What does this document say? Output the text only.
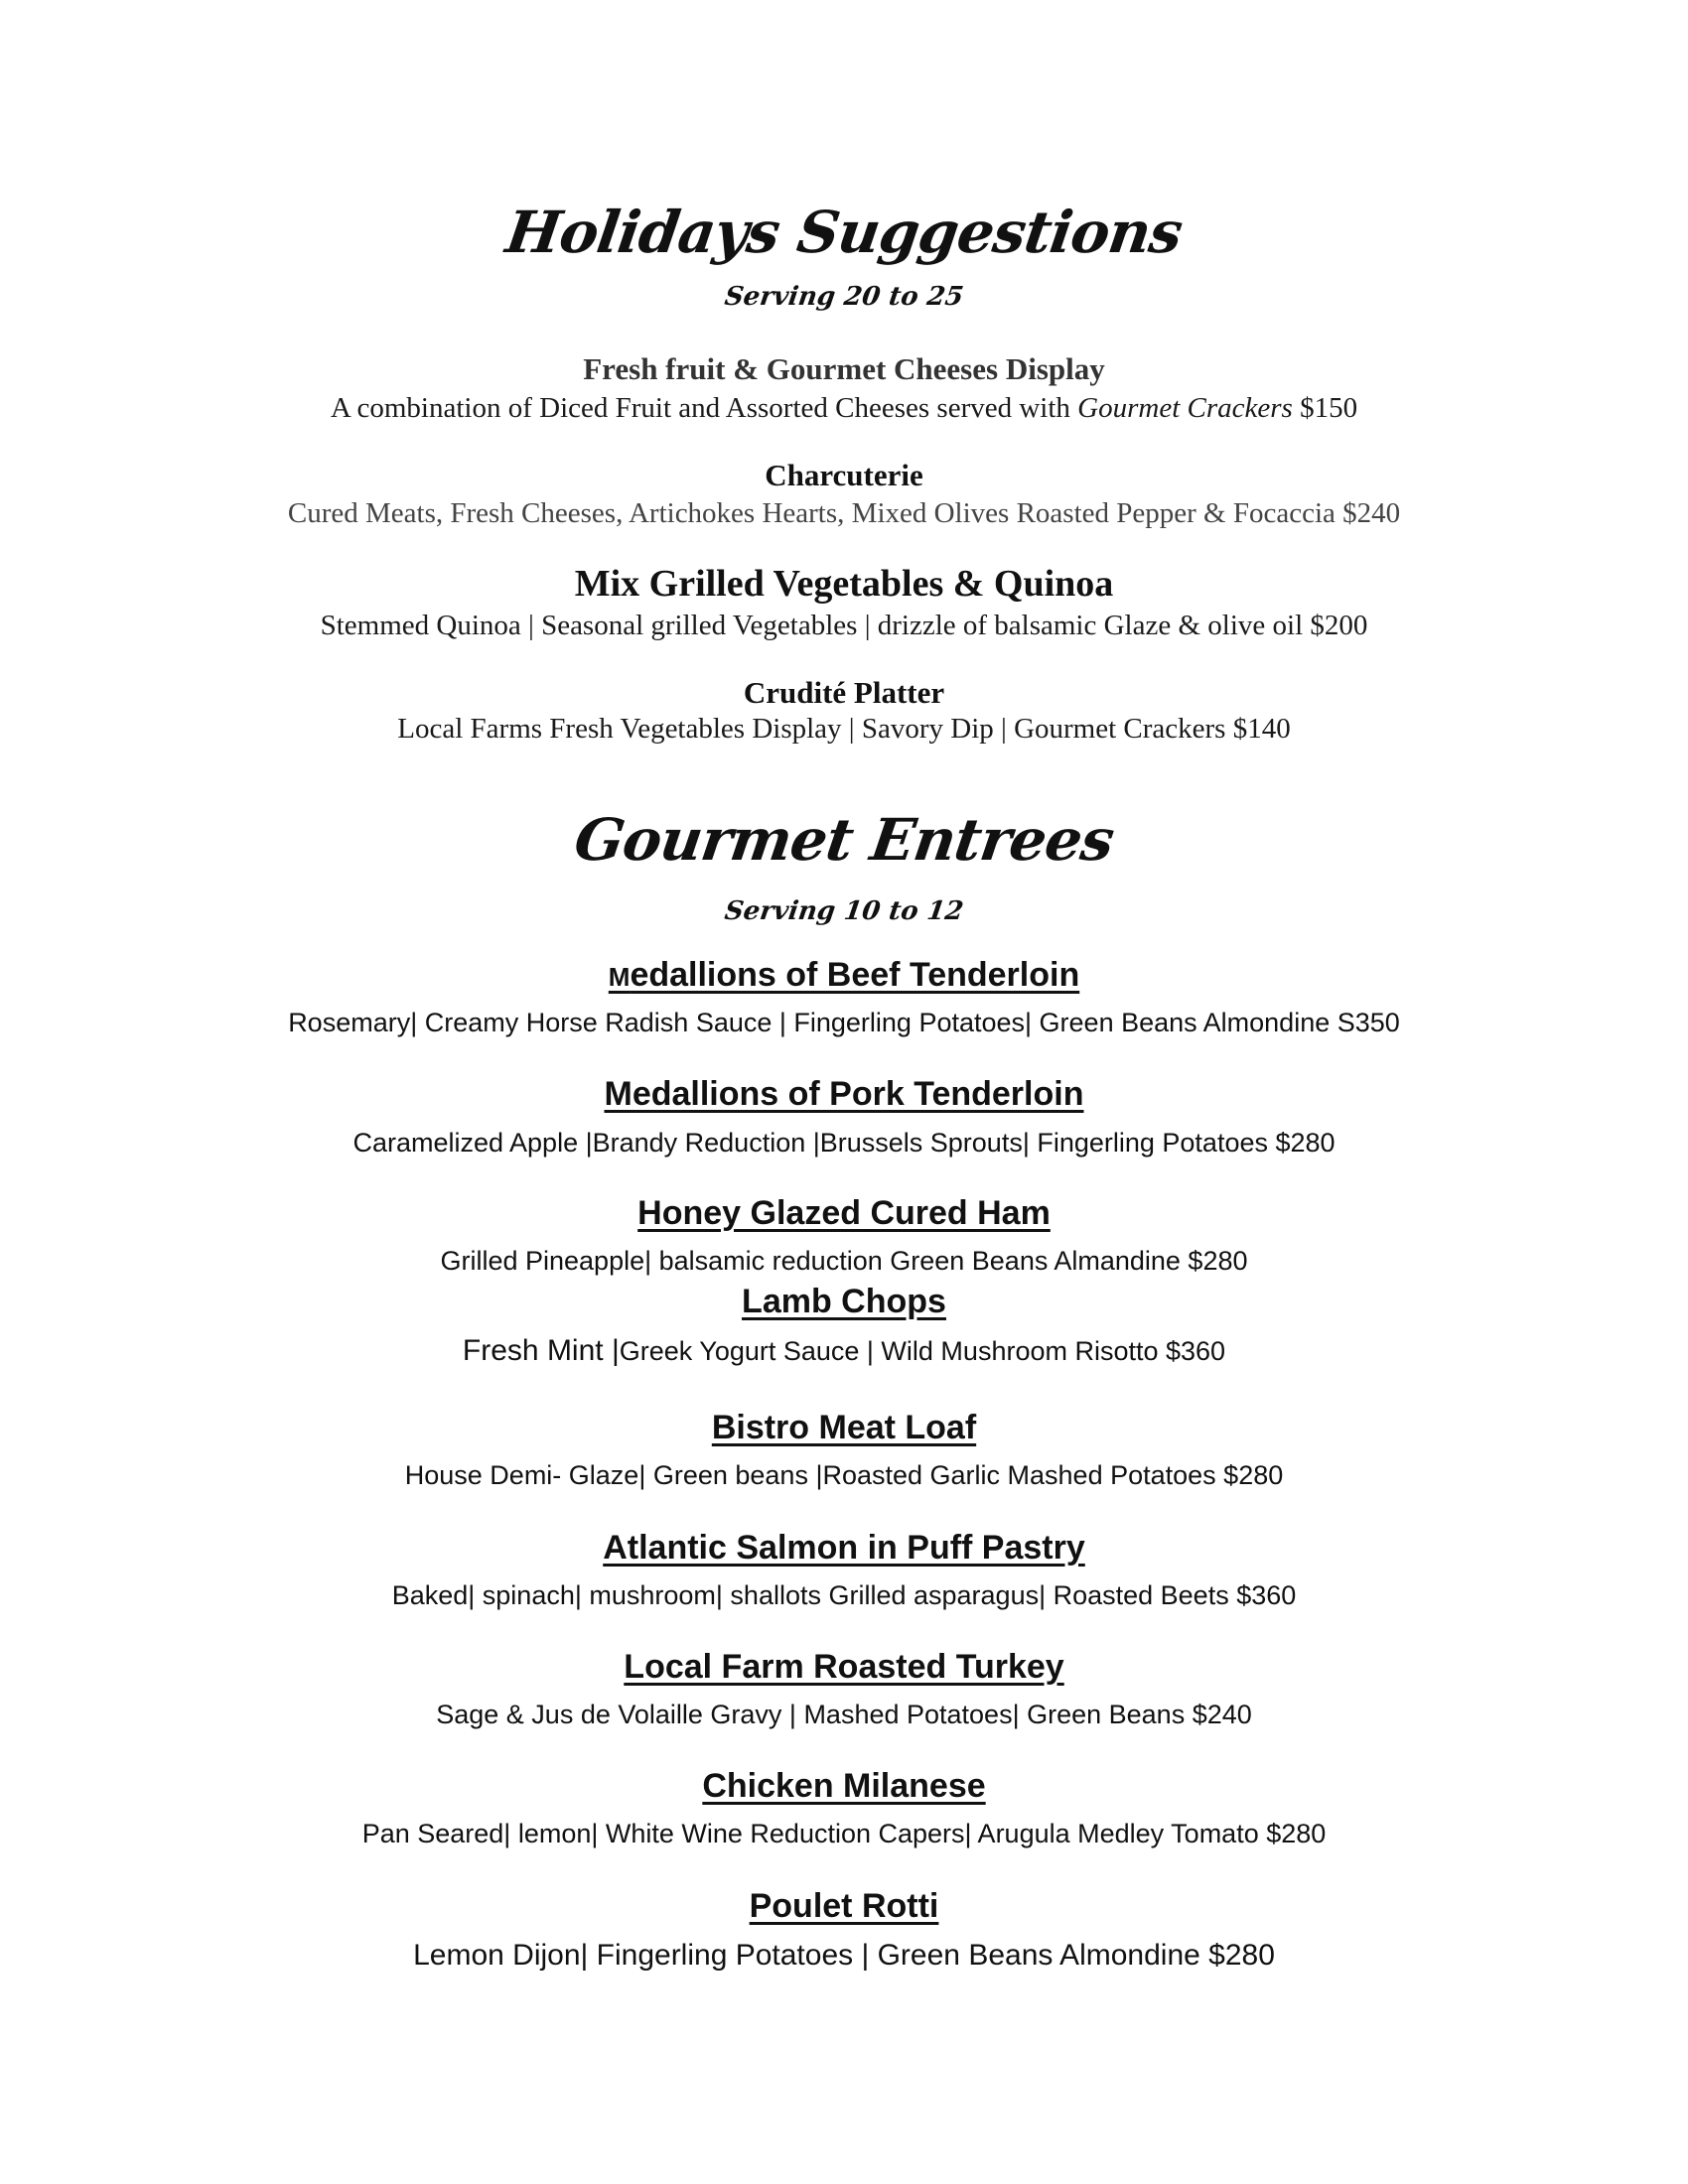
Holidays Suggestions
Serving 20 to 25
Fresh fruit & Gourmet Cheeses Display
A combination of Diced Fruit and Assorted Cheeses served with Gourmet Crackers $150
Charcuterie
Cured Meats, Fresh Cheeses, Artichokes Hearts, Mixed Olives Roasted Pepper & Focaccia $240
Mix Grilled Vegetables & Quinoa
Stemmed Quinoa | Seasonal grilled Vegetables | drizzle of balsamic Glaze & olive oil $200
Crudité Platter
Local Farms Fresh Vegetables Display | Savory Dip | Gourmet Crackers $140
Gourmet Entrees
Serving 10 to 12
Medallions of Beef Tenderloin
Rosemary| Creamy Horse Radish Sauce | Fingerling Potatoes| Green Beans Almondine S350
Medallions of Pork Tenderloin
Caramelized Apple |Brandy Reduction |Brussels Sprouts| Fingerling Potatoes $280
Honey Glazed Cured Ham
Grilled Pineapple| balsamic reduction Green Beans Almandine $280
Lamb Chops
Fresh Mint |Greek Yogurt Sauce | Wild Mushroom Risotto $360
Bistro Meat Loaf
House Demi- Glaze| Green beans |Roasted Garlic Mashed Potatoes $280
Atlantic Salmon in Puff Pastry
Baked| spinach| mushroom| shallots Grilled asparagus| Roasted Beets $360
Local Farm Roasted Turkey
Sage & Jus de Volaille Gravy | Mashed Potatoes| Green Beans $240
Chicken Milanese
Pan Seared| lemon| White Wine Reduction Capers| Arugula Medley Tomato $280
Poulet Rotti
Lemon Dijon| Fingerling Potatoes | Green Beans Almondine $280
